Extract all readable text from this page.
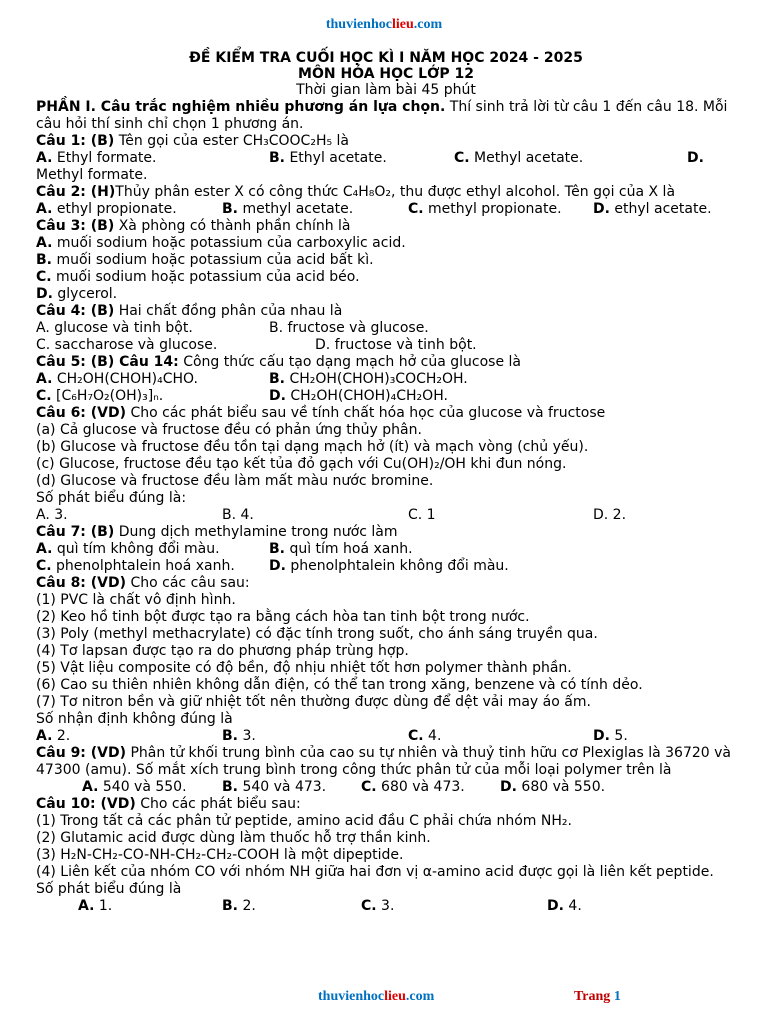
thuvienhoclieu.com
ĐỀ KIỂM TRA CUỐI HỌC KÌ I NĂM HỌC 2024 - 2025
MÔN HÓA HỌC LỚP 12
Thời gian làm bài 45 phút
PHẦN I. Câu trắc nghiệm nhiều phương án lựa chọn. Thí sinh trả lời từ câu 1 đến câu 18. Mỗi câu hỏi thí sinh chỉ chọn 1 phương án.
Câu 1: (B) Tên gọi của ester CH₃COOC₂H₅ là
A. Ethyl formate.	B. Ethyl acetate.	C. Methyl acetate.	D.
Methyl formate.
Câu 2: (H)Thủy phân ester X có công thức C₄H₈O₂, thu được ethyl alcohol. Tên gọi của X là
A. ethyl propionate.	B. methyl acetate.	C. methyl propionate. D. ethyl acetate.
Câu 3: (B) Xà phòng có thành phần chính là
A. muối sodium hoặc potassium của carboxylic acid.
B. muối sodium hoặc potassium của acid bất kì.
C. muối sodium hoặc potassium của acid béo.
D. glycerol.
Câu 4: (B) Hai chất đồng phân của nhau là
A. glucose và tinh bột.	B. fructose và glucose.
C. saccharose và glucose.	D. fructose và tinh bột.
Câu 5: (B) Câu 14: Công thức cấu tạo dạng mạch hở của glucose là
A. CH₂OH(CHOH)₄CHO.	B. CH₂OH(CHOH)₃COCH₂OH.
C. [C₆H₇O₂(OH)₃]ₙ.	D. CH₂OH(CHOH)₄CH₂OH.
Câu 6: (VD) Cho các phát biểu sau về tính chất hóa học của glucose và fructose
(a) Cả glucose và fructose đều có phản ứng thủy phân.
(b) Glucose và fructose đều tồn tại dạng mạch hở (ít) và mạch vòng (chủ yếu).
(c) Glucose, fructose đều tạo kết tủa đỏ gạch với Cu(OH)₂/OH khi đun nóng.
(d) Glucose và fructose đều làm mất màu nước bromine.
Số phát biểu đúng là:
A. 3.	B. 4.	C. 1	D. 2.
Câu 7: (B) Dung dịch methylamine trong nước làm
A. quì tím không đổi màu.	B. quì tím hoá xanh.
C. phenolphtalein hoá xanh. D. phenolphtalein không đổi màu.
Câu 8: (VD) Cho các câu sau:
(1) PVC là chất vô định hình.
(2) Keo hồ tinh bột được tạo ra bằng cách hòa tan tinh bột trong nước.
(3) Poly (methyl methacrylate) có đặc tính trong suốt, cho ánh sáng truyền qua.
(4) Tơ lapsan được tạo ra do phương pháp trùng hợp.
(5) Vật liệu composite có độ bền, độ nhịu nhiệt tốt hơn polymer thành phần.
(6) Cao su thiên nhiên không dẫn điện, có thể tan trong xăng, benzene và có tính dẻo.
(7) Tơ nitron bền và giữ nhiệt tốt nên thường được dùng để dệt vải may áo ấm.
Số nhận định không đúng là
A. 2.	B. 3.	C. 4.	D. 5.
Câu 9: (VD) Phân tử khối trung bình của cao su tự nhiên và thuỷ tinh hữu cơ Plexiglas là 36720 và 47300 (amu). Số mắt xích trung bình trong công thức phân tử của mỗi loại polymer trên là
A. 540 và 550.	B. 540 và 473. C. 680 và 473.	D. 680 và 550.
Câu 10: (VD) Cho các phát biểu sau:
(1) Trong tất cả các phân tử peptide, amino acid đầu C phải chứa nhóm NH₂.
(2) Glutamic acid được dùng làm thuốc hỗ trợ thần kinh.
(3) H₂N-CH₂-CO-NH-CH₂-CH₂-COOH là một dipeptide.
(4) Liên kết của nhóm CO với nhóm NH giữa hai đơn vị α-amino acid được gọi là liên kết peptide.
Số phát biểu đúng là
A. 1.	B. 2.	C. 3.	D. 4.
thuvienhoclieu.com	Trang 1
